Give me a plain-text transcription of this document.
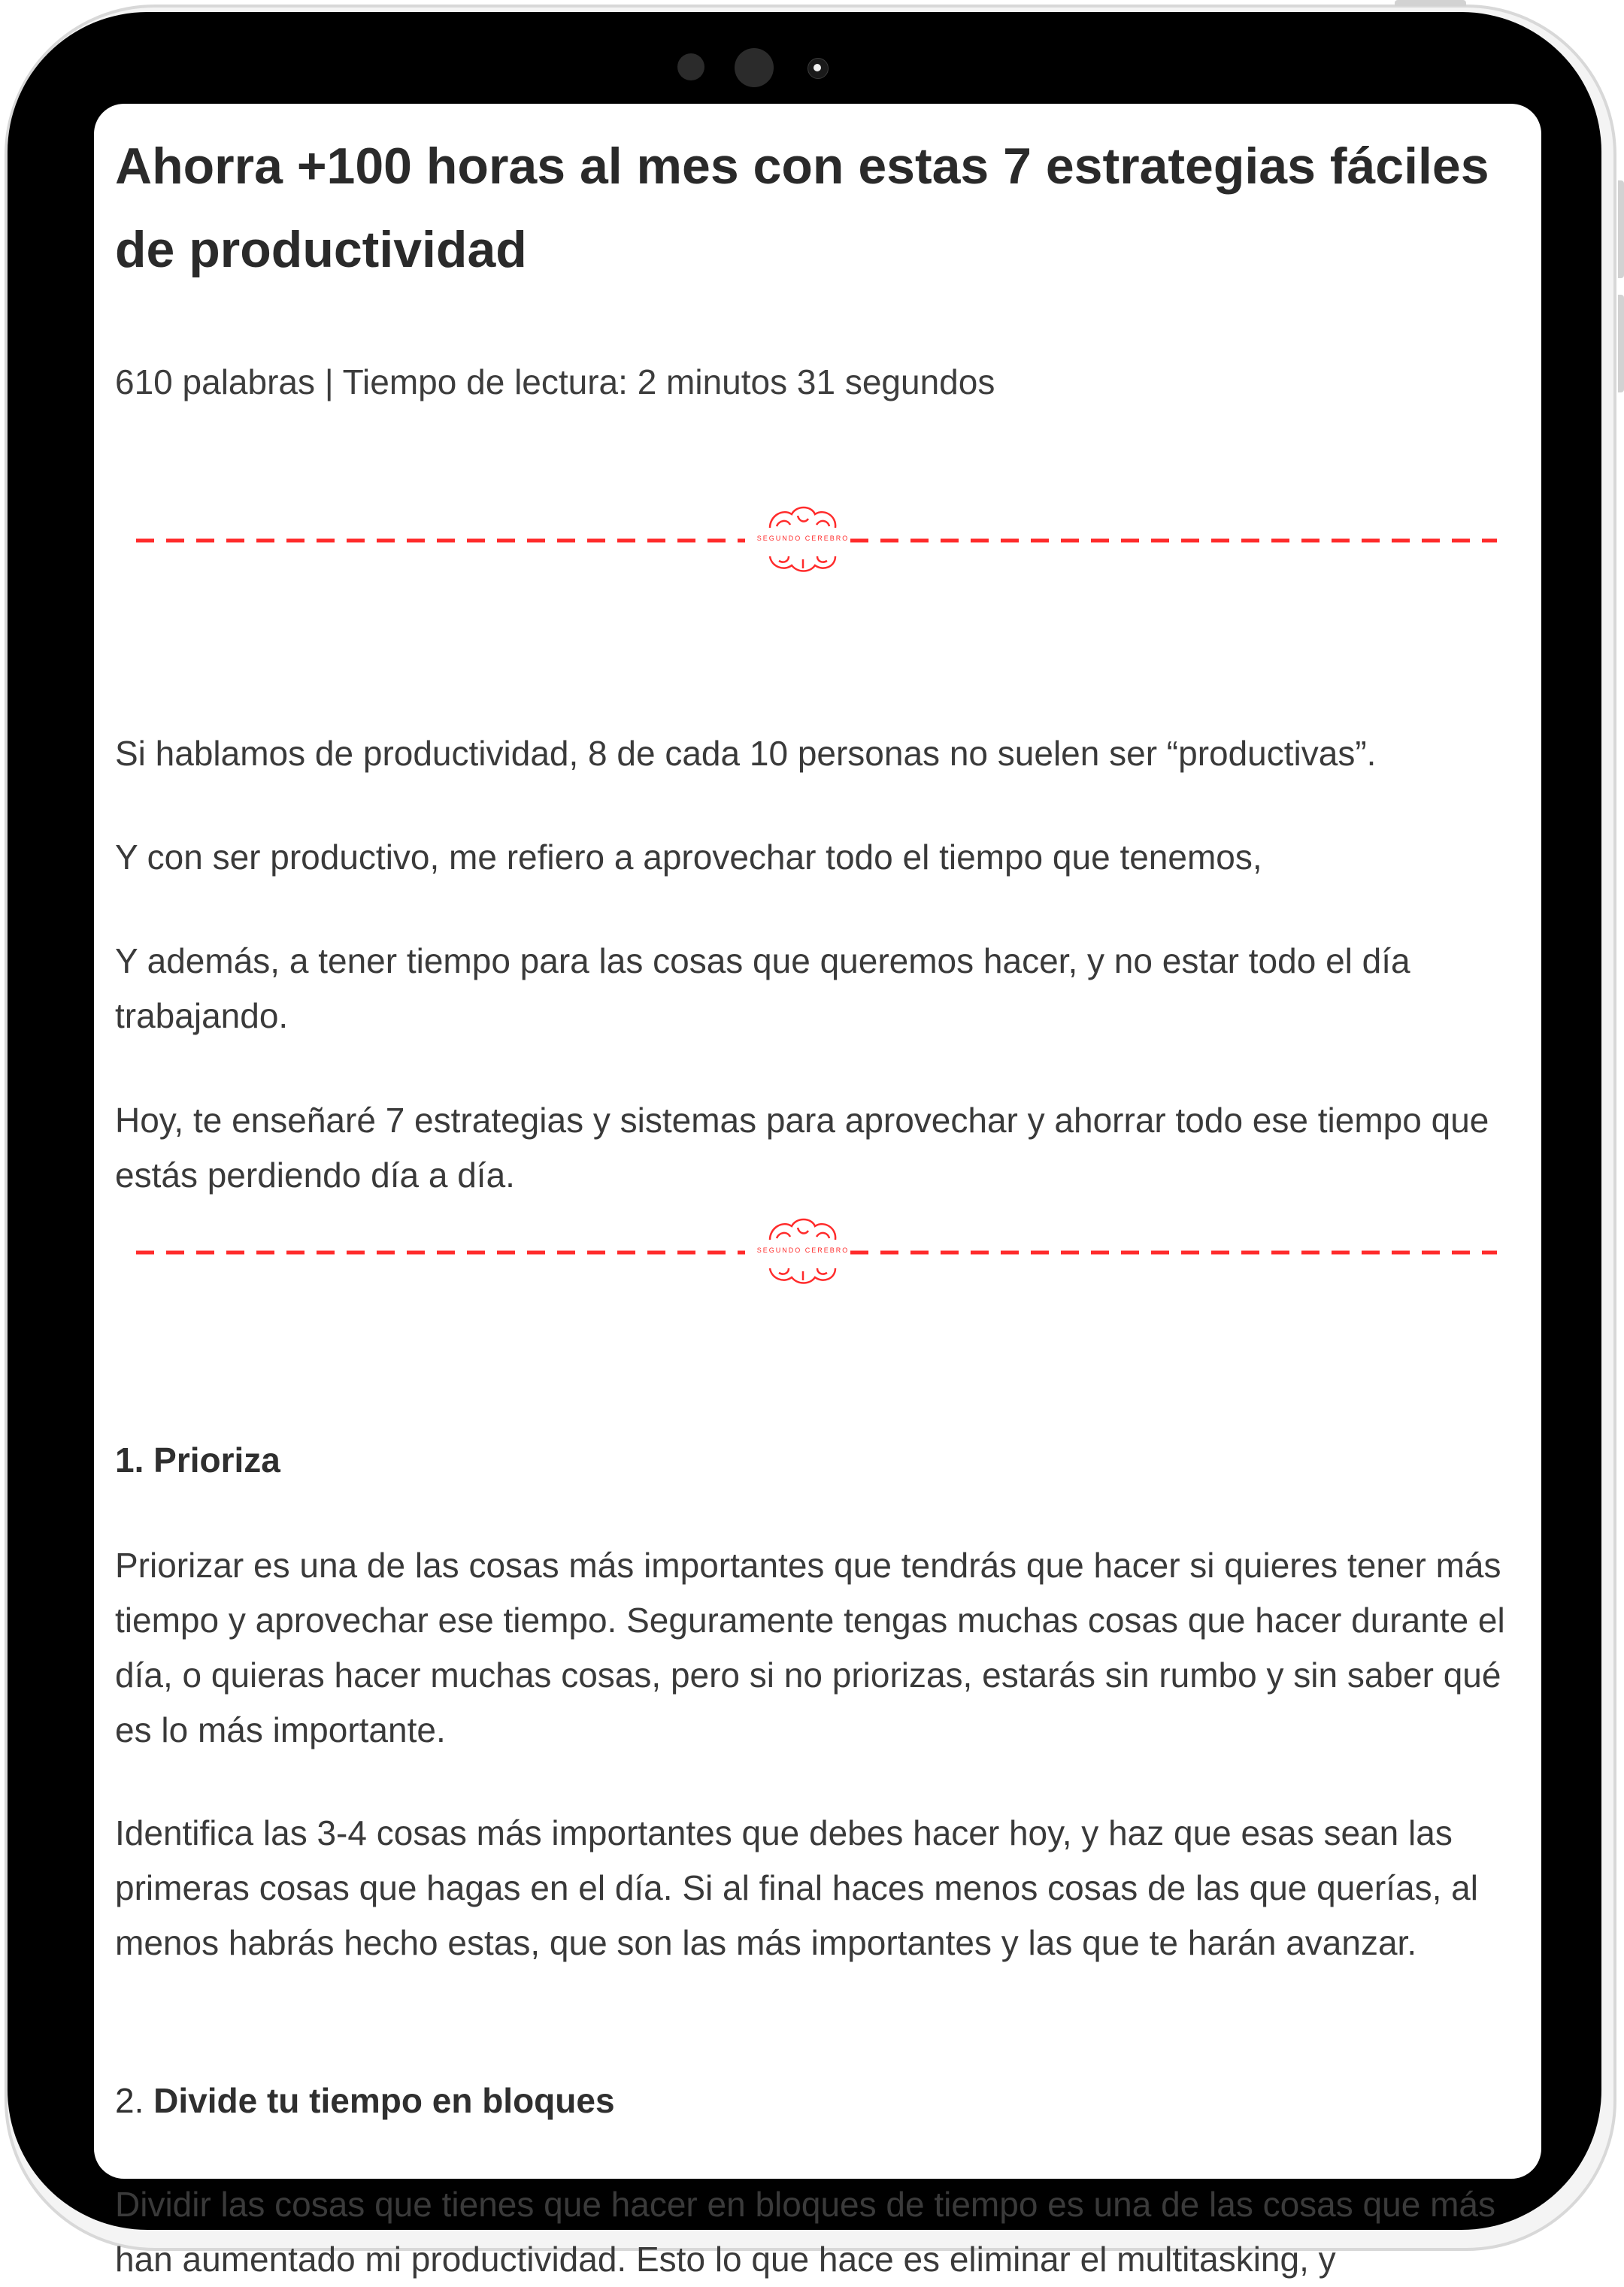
Ahorra +100 horas al mes con estas 7 estrategias fáciles de productividad

610 palabras | Tiempo de lectura: 2 minutos 31 segundos

SEGUNDO CEREBRO

Si hablamos de productividad, 8 de cada 10 personas no suelen ser “productivas”.

Y con ser productivo, me refiero a aprovechar todo el tiempo que tenemos,

Y además, a tener tiempo para las cosas que queremos hacer, y no estar todo el día trabajando.

Hoy, te enseñaré 7 estrategias y sistemas para aprovechar y ahorrar todo ese tiempo que estás perdiendo día a día.

SEGUNDO CEREBRO
1. Prioriza

Priorizar es una de las cosas más importantes que tendrás que hacer si quieres tener más tiempo y aprovechar ese tiempo. Seguramente tengas muchas cosas que hacer durante el día, o quieras hacer muchas cosas, pero si no priorizas, estarás sin rumbo y sin saber qué es lo más importante.

Identifica las 3-4 cosas más importantes que debes hacer hoy, y haz que esas sean las primeras cosas que hagas en el día. Si al final haces menos cosas de las que querías, al menos habrás hecho estas, que son las más importantes y las que te harán avanzar.

2. Divide tu tiempo en bloques

Dividir las cosas que tienes que hacer en bloques de tiempo es una de las cosas que más han aumentado mi productividad. Esto lo que hace es eliminar el multitasking, y
